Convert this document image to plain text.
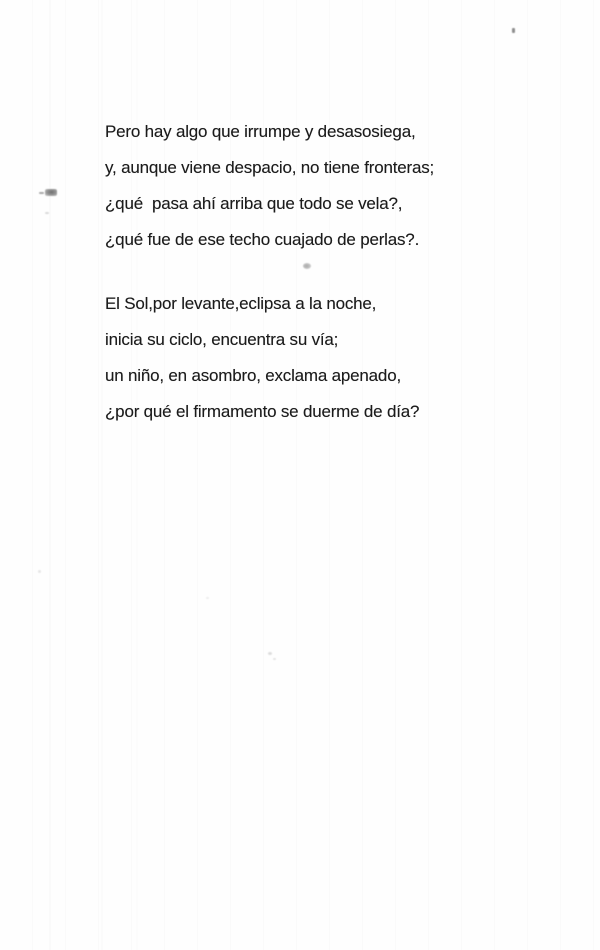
Pero hay algo que irrumpe y desasosiega,
y, aunque viene despacio, no tiene fronteras;
¿qué  pasa ahí arriba que todo se vela?,
¿qué fue de ese techo cuajado de perlas?.
El Sol,por levante,eclipsa a la noche,
inicia su ciclo, encuentra su vía;
un niño, en asombro, exclama apenado,
¿por qué el firmamento se duerme de día?
